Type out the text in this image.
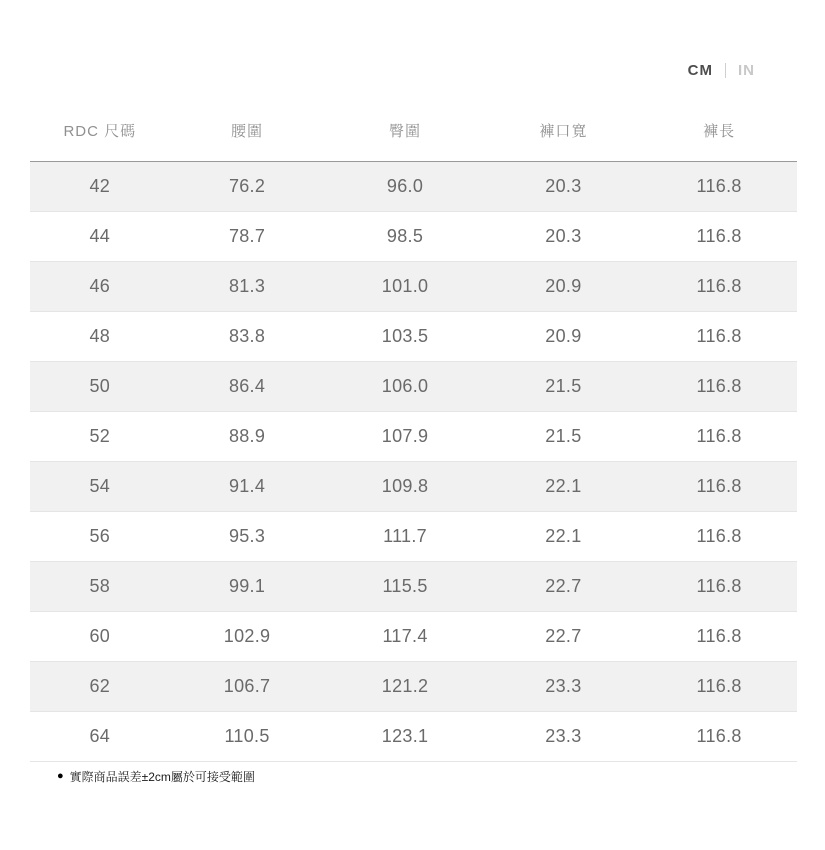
CM IN
RDC 尺碼	腰圍	臀圍	褲口寬	褲長
42	76.2	96.0	20.3	116.8
44	78.7	98.5	20.3	116.8
46	81.3	101.0	20.9	116.8
48	83.8	103.5	20.9	116.8
50	86.4	106.0	21.5	116.8
52	88.9	107.9	21.5	116.8
54	91.4	109.8	22.1	116.8
56	95.3	111.7	22.1	116.8
58	99.1	115.5	22.7	116.8
60	102.9	117.4	22.7	116.8
62	106.7	121.2	23.3	116.8
64	110.5	123.1	23.3	116.8
● 實際商品誤差±2cm屬於可接受範圍
